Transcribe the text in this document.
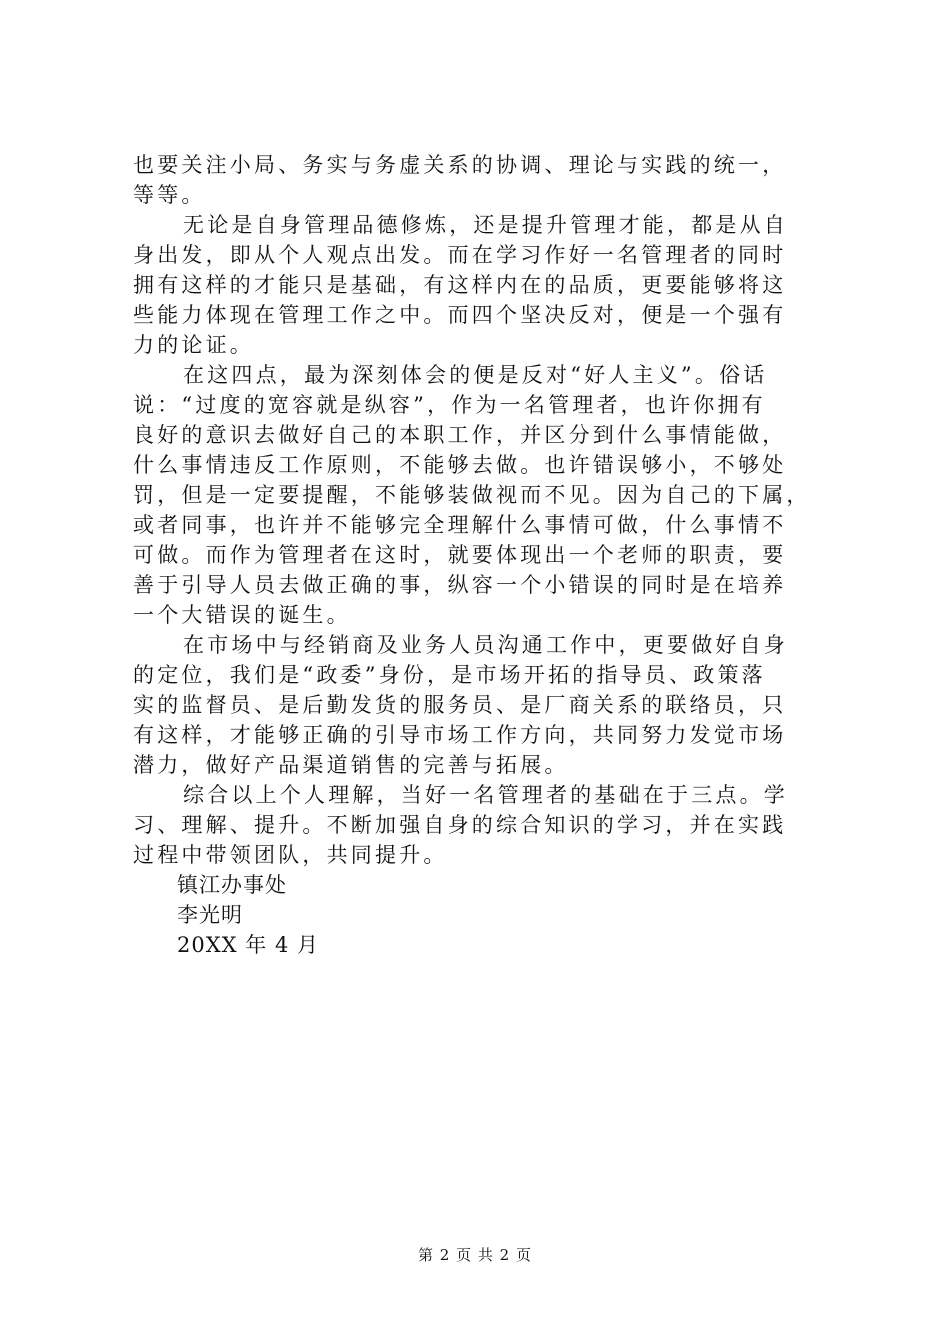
也要关注小局、务实与务虚关系的协调、理论与实践的统一，
等等。
无论是自身管理品德修炼，还是提升管理才能，都是从自
身出发，即从个人观点出发。而在学习作好一名管理者的同时
拥有这样的才能只是基础，有这样内在的品质，更要能够将这
些能力体现在管理工作之中。而四个坚决反对，便是一个强有
力的论证。
在这四点，最为深刻体会的便是反对“好人主义”。俗话
说：“过度的宽容就是纵容”，作为一名管理者，也许你拥有
良好的意识去做好自己的本职工作，并区分到什么事情能做，
什么事情违反工作原则，不能够去做。也许错误够小，不够处
罚，但是一定要提醒，不能够装做视而不见。因为自己的下属，
或者同事，也许并不能够完全理解什么事情可做，什么事情不
可做。而作为管理者在这时，就要体现出一个老师的职责，要
善于引导人员去做正确的事，纵容一个小错误的同时是在培养
一个大错误的诞生。
在市场中与经销商及业务人员沟通工作中，更要做好自身
的定位，我们是“政委”身份，是市场开拓的指导员、政策落
实的监督员、是后勤发货的服务员、是厂商关系的联络员，只
有这样，才能够正确的引导市场工作方向，共同努力发觉市场
潜力，做好产品渠道销售的完善与拓展。
综合以上个人理解，当好一名管理者的基础在于三点。学
习、理解、提升。不断加强自身的综合知识的学习，并在实践
过程中带领团队，共同提升。
镇江办事处
李光明
20XX 年 4 月
第 2 页 共 2 页
